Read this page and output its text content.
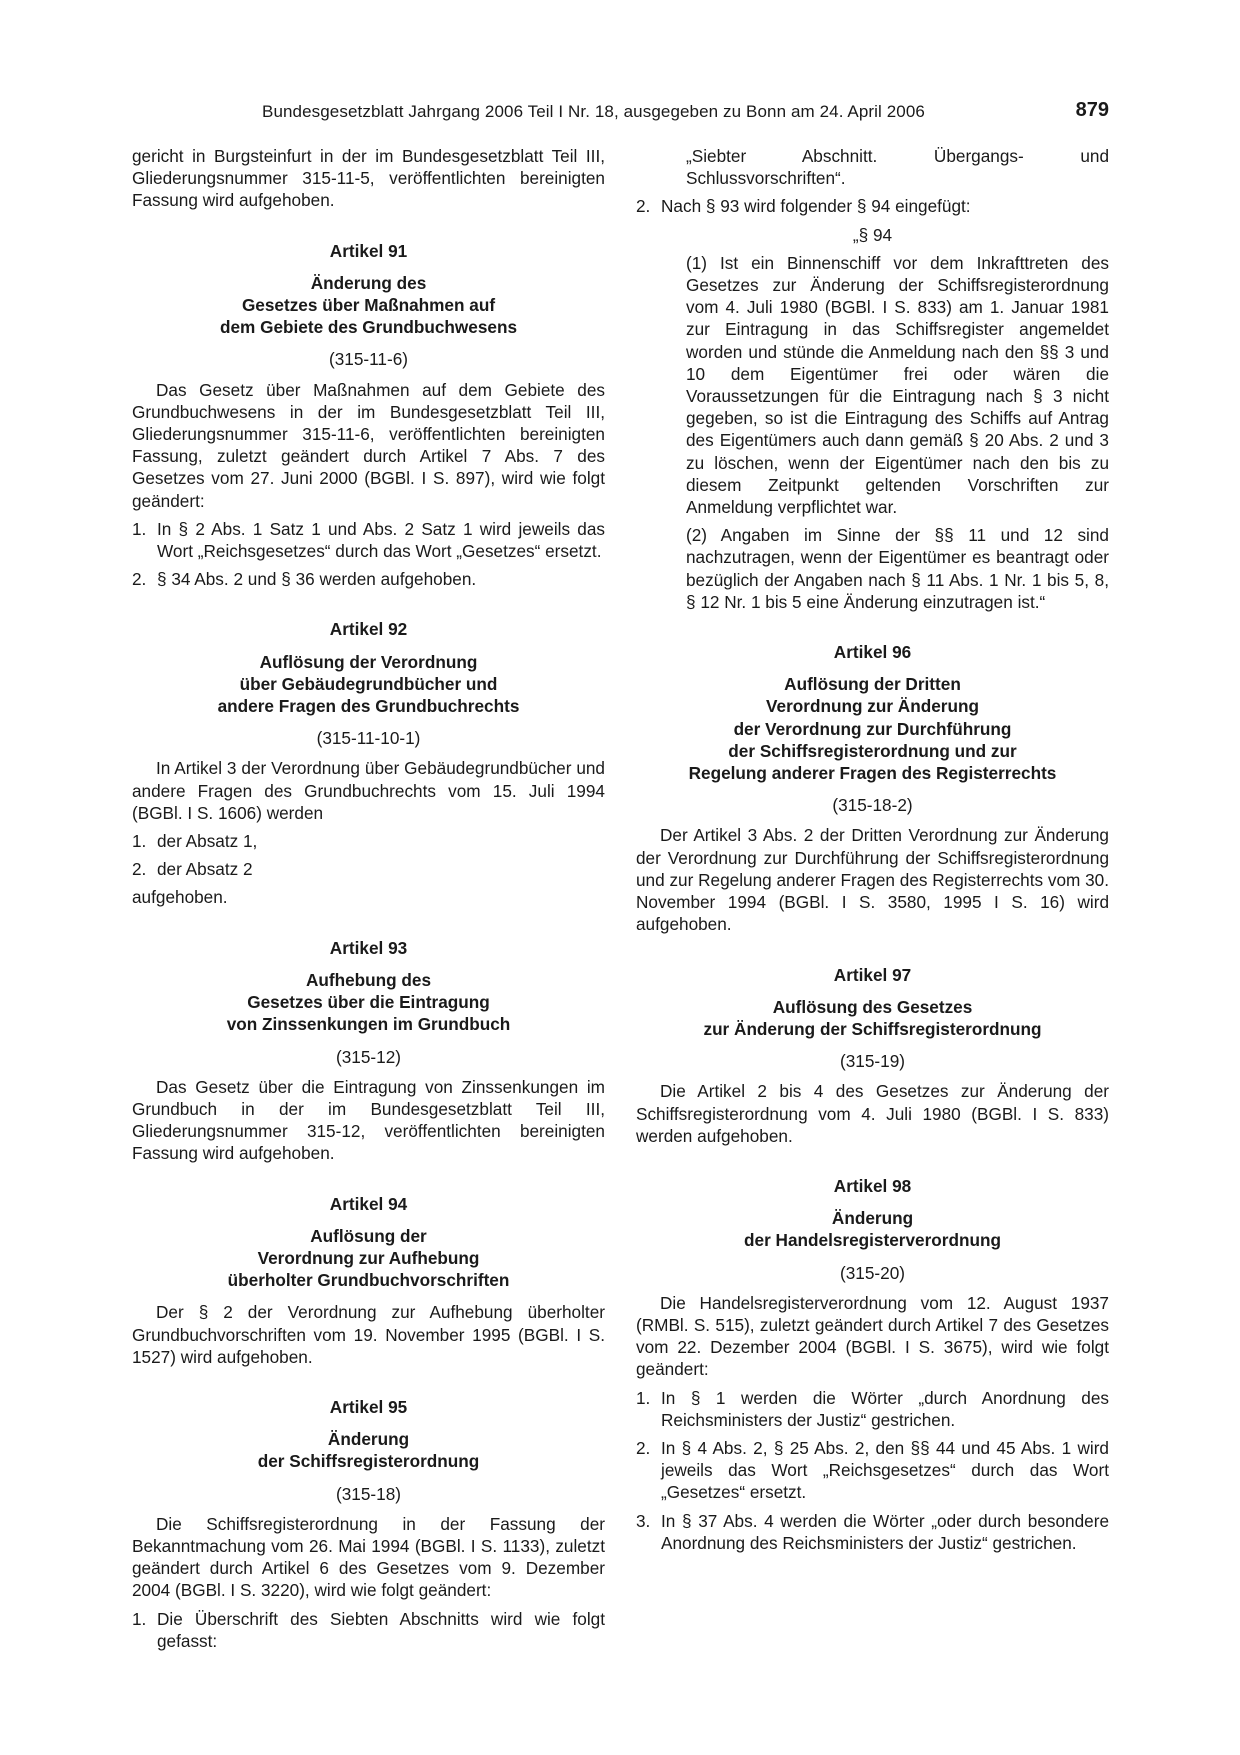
Bundesgesetzblatt Jahrgang 2006 Teil I Nr. 18, ausgegeben zu Bonn am 24. April 2006	879

gericht in Burgsteinfurt in der im Bundesgesetzblatt Teil III, Gliederungsnummer 315-11-5, veröffentlichten bereinigten Fassung wird aufgehoben.

Artikel 91
Änderung des
Gesetzes über Maßnahmen auf
dem Gebiete des Grundbuchwesens
(315-11-6)

Das Gesetz über Maßnahmen auf dem Gebiete des Grundbuchwesens in der im Bundesgesetzblatt Teil III, Gliederungsnummer 315-11-6, veröffentlichten bereinigten Fassung, zuletzt geändert durch Artikel 7 Abs. 7 des Gesetzes vom 27. Juni 2000 (BGBl. I S. 897), wird wie folgt geändert:

1. In § 2 Abs. 1 Satz 1 und Abs. 2 Satz 1 wird jeweils das Wort „Reichsgesetzes“ durch das Wort „Gesetzes“ ersetzt.
2. § 34 Abs. 2 und § 36 werden aufgehoben.
Artikel 92
Auflösung der Verordnung
über Gebäudegrundbücher und
andere Fragen des Grundbuchrechts
(315-11-10-1)

In Artikel 3 der Verordnung über Gebäudegrundbücher und andere Fragen des Grundbuchrechts vom 15. Juli 1994 (BGBl. I S. 1606) werden

1. der Absatz 1,
2. der Absatz 2

aufgehoben.

Artikel 93
Aufhebung des
Gesetzes über die Eintragung
von Zinssenkungen im Grundbuch
(315-12)

Das Gesetz über die Eintragung von Zinssenkungen im Grundbuch in der im Bundesgesetzblatt Teil III, Gliederungsnummer 315-12, veröffentlichten bereinigten Fassung wird aufgehoben.

Artikel 94
Auflösung der
Verordnung zur Aufhebung
überholter Grundbuchvorschriften

Der § 2 der Verordnung zur Aufhebung überholter Grundbuchvorschriften vom 19. November 1995 (BGBl. I S. 1527) wird aufgehoben.

Artikel 95
Änderung
der Schiffsregisterordnung
(315-18)

Die Schiffsregisterordnung in der Fassung der Bekanntmachung vom 26. Mai 1994 (BGBl. I S. 1133), zuletzt geändert durch Artikel 6 des Gesetzes vom 9. Dezember 2004 (BGBl. I S. 3220), wird wie folgt geändert:

1. Die Überschrift des Siebten Abschnitts wird wie folgt gefasst:

„Siebter Abschnitt. Übergangs- und Schlussvorschriften“.

2. Nach § 93 wird folgender § 94 eingefügt:

„§ 94

(1) Ist ein Binnenschiff vor dem Inkrafttreten des Gesetzes zur Änderung der Schiffsregisterordnung vom 4. Juli 1980 (BGBl. I S. 833) am 1. Januar 1981 zur Eintragung in das Schiffsregister angemeldet worden und stünde die Anmeldung nach den §§ 3 und 10 dem Eigentümer frei oder wären die Voraussetzungen für die Eintragung nach § 3 nicht gegeben, so ist die Eintragung des Schiffs auf Antrag des Eigentümers auch dann gemäß § 20 Abs. 2 und 3 zu löschen, wenn der Eigentümer nach den bis zu diesem Zeitpunkt geltenden Vorschriften zur Anmeldung verpflichtet war.

(2) Angaben im Sinne der §§ 11 und 12 sind nachzutragen, wenn der Eigentümer es beantragt oder bezüglich der Angaben nach § 11 Abs. 1 Nr. 1 bis 5, 8, § 12 Nr. 1 bis 5 eine Änderung einzutragen ist.“

Artikel 96
Auflösung der Dritten
Verordnung zur Änderung
der Verordnung zur Durchführung
der Schiffsregisterordnung und zur
Regelung anderer Fragen des Registerrechts
(315-18-2)

Der Artikel 3 Abs. 2 der Dritten Verordnung zur Änderung der Verordnung zur Durchführung der Schiffsregisterordnung und zur Regelung anderer Fragen des Registerrechts vom 30. November 1994 (BGBl. I S. 3580, 1995 I S. 16) wird aufgehoben.

Artikel 97
Auflösung des Gesetzes
zur Änderung der Schiffsregisterordnung
(315-19)

Die Artikel 2 bis 4 des Gesetzes zur Änderung der Schiffsregisterordnung vom 4. Juli 1980 (BGBl. I S. 833) werden aufgehoben.

Artikel 98
Änderung
der Handelsregisterverordnung
(315-20)

Die Handelsregisterverordnung vom 12. August 1937 (RMBl. S. 515), zuletzt geändert durch Artikel 7 des Gesetzes vom 22. Dezember 2004 (BGBl. I S. 3675), wird wie folgt geändert:

1. In § 1 werden die Wörter „durch Anordnung des Reichsministers der Justiz“ gestrichen.
2. In § 4 Abs. 2, § 25 Abs. 2, den §§ 44 und 45 Abs. 1 wird jeweils das Wort „Reichsgesetzes“ durch das Wort „Gesetzes“ ersetzt.
3. In § 37 Abs. 4 werden die Wörter „oder durch besondere Anordnung des Reichsministers der Justiz“ gestrichen.
